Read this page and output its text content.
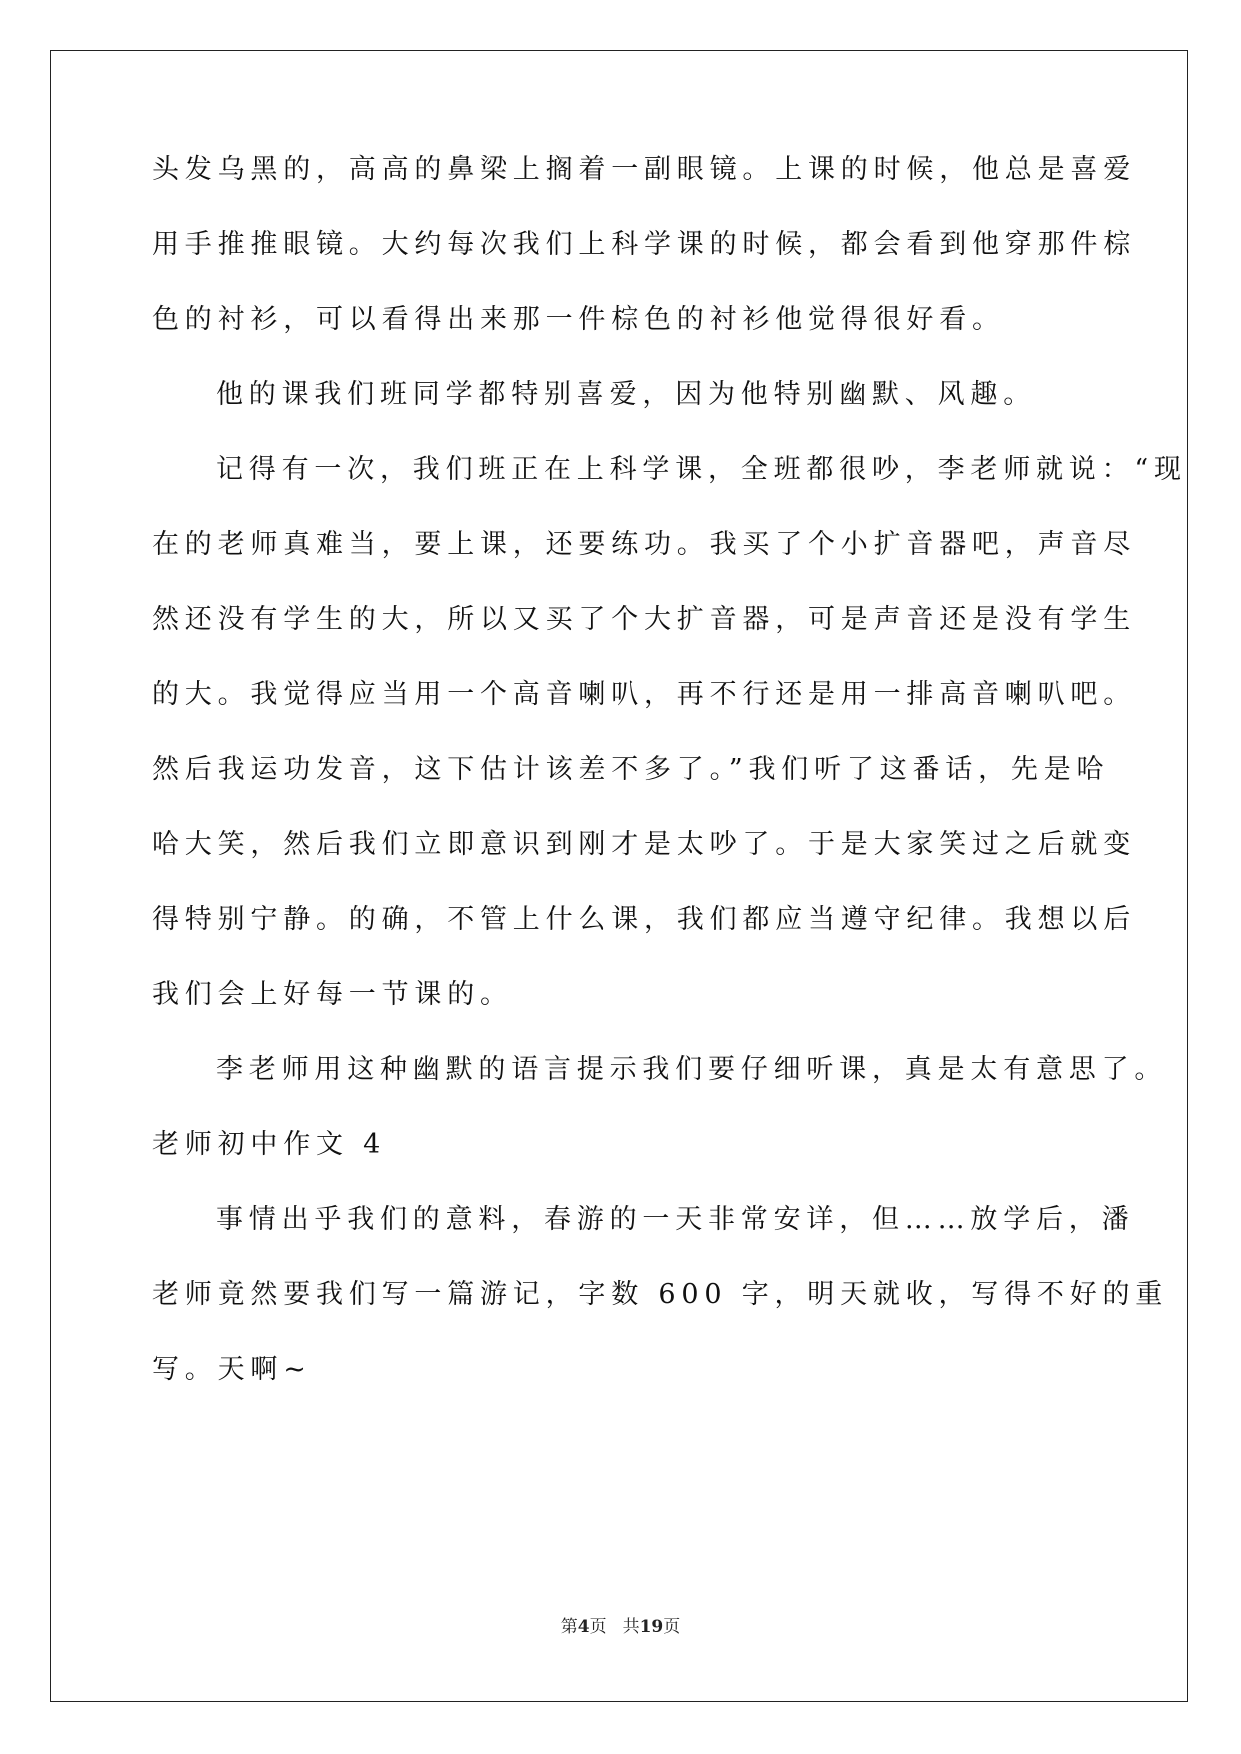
头发乌黑的，高高的鼻梁上搁着一副眼镜。上课的时候，他总是喜爱
用手推推眼镜。大约每次我们上科学课的时候，都会看到他穿那件棕
色的衬衫，可以看得出来那一件棕色的衬衫他觉得很好看。
他的课我们班同学都特别喜爱，因为他特别幽默、风趣。
记得有一次，我们班正在上科学课，全班都很吵，李老师就说：“现
在的老师真难当，要上课，还要练功。我买了个小扩音器吧，声音尽
然还没有学生的大，所以又买了个大扩音器，可是声音还是没有学生
的大。我觉得应当用一个高音喇叭，再不行还是用一排高音喇叭吧。
然后我运功发音，这下估计该差不多了。”我们听了这番话，先是哈
哈大笑，然后我们立即意识到刚才是太吵了。于是大家笑过之后就变
得特别宁静。的确，不管上什么课，我们都应当遵守纪律。我想以后
我们会上好每一节课的。
李老师用这种幽默的语言提示我们要仔细听课，真是太有意思了。
老师初中作文 4
事情出乎我们的意料，春游的一天非常安详，但……放学后，潘
老师竟然要我们写一篇游记，字数 600 字，明天就收，写得不好的重
写。天啊~
第4页 共19页
